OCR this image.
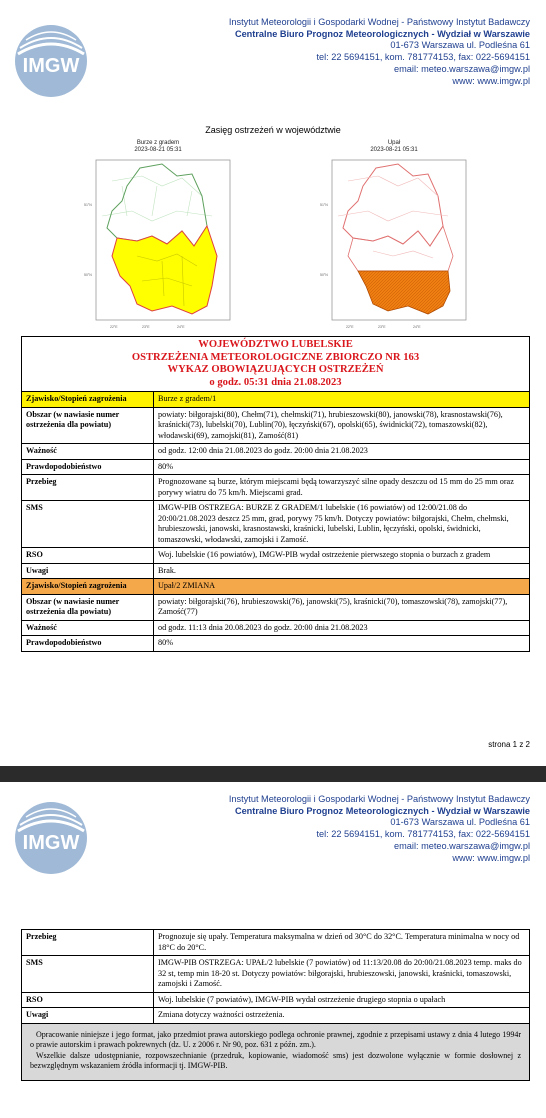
IMGW
Instytut Meteorologii i Gospodarki Wodnej - Państwowy Instytut Badawczy
Centralne Biuro Prognoz Meteorologicznych - Wydział w Warszawie
01-673 Warszawa ul. Podleśna 61
tel: 22 5694151, kom. 781774153, fax: 022-5694151
email: meteo.warszawa@imgw.pl
www: www.imgw.pl
Zasięg ostrzeżeń w województwie
Burze z gradem
2023-08-21 05:31
51°N
50°N
22°E	23°E	24°E
Upał
2023-08-21 05:31
51°N
50°N
22°E	23°E	24°E
WOJEWÓDZTWO LUBELSKIE
OSTRZEŻENIA METEOROLOGICZNE ZBIORCZO NR 163
WYKAZ OBOWIĄZUJĄCYCH OSTRZEŻEŃ
o godz. 05:31 dnia 21.08.2023	

Zjawisko/Stopień zagrożenia	Burze z gradem/1
Obszar (w nawiasie numer ostrzeżenia dla powiatu)	powiaty: biłgorajski(80), Chełm(71), chełmski(71), hrubieszowski(80), janowski(78), krasnostawski(76), kraśnicki(73), lubelski(70), Lublin(70), łęczyński(67), opolski(65), świdnicki(72), tomaszowski(82), włodawski(69), zamojski(81), Zamość(81)
Ważność	od godz. 12:00 dnia 21.08.2023 do godz. 20:00 dnia 21.08.2023
Prawdopodobieństwo	80%
Przebieg	Prognozowane są burze, którym miejscami będą towarzyszyć silne opady deszczu od 15 mm do 25 mm oraz porywy wiatru do 75 km/h. Miejscami grad.
SMS	IMGW-PIB OSTRZEGA: BURZE Z GRADEM/1 lubelskie (16 powiatów) od 12:00/21.08 do 20:00/21.08.2023 deszcz 25 mm, grad, porywy 75 km/h. Dotyczy powiatów: biłgorajski, Chełm, chełmski, hrubieszowski, janowski, krasnostawski, kraśnicki, lubelski, Lublin, łęczyński, opolski, świdnicki, tomaszowski, włodawski, zamojski i Zamość.
RSO	Woj. lubelskie (16 powiatów), IMGW-PIB wydał ostrzeżenie pierwszego stopnia o burzach z gradem
Uwagi	Brak.
Zjawisko/Stopień zagrożenia	Upał/2 ZMIANA
Obszar (w nawiasie numer ostrzeżenia dla powiatu)	powiaty: biłgorajski(76), hrubieszowski(76), janowski(75), kraśnicki(70), tomaszowski(78), zamojski(77), Zamość(77)
Ważność	od godz. 11:13 dnia 20.08.2023 do godz. 20:00 dnia 21.08.2023
Prawdopodobieństwo	80%
strona 1 z 2
IMGW
Instytut Meteorologii i Gospodarki Wodnej - Państwowy Instytut Badawczy
Centralne Biuro Prognoz Meteorologicznych - Wydział w Warszawie
01-673 Warszawa ul. Podleśna 61
tel: 22 5694151, kom. 781774153, fax: 022-5694151
email: meteo.warszawa@imgw.pl
www: www.imgw.pl
Przebieg	Prognozuje się upały. Temperatura maksymalna w dzień od 30°C do 32°C. Temperatura minimalna w nocy od 18°C do 20°C.
SMS	IMGW-PIB OSTRZEGA: UPAŁ/2 lubelskie (7 powiatów) od 11:13/20.08 do 20:00/21.08.2023 temp. maks do 32 st, temp min 18-20 st. Dotyczy powiatów: biłgorajski, hrubieszowski, janowski, kraśnicki, tomaszowski, zamojski i Zamość.
RSO	Woj. lubelskie (7 powiatów), IMGW-PIB wydał ostrzeżenie drugiego stopnia o upałach
Uwagi	Zmiana dotyczy ważności ostrzeżenia.

Opracowanie niniejsze i jego format, jako przedmiot prawa autorskiego podlega ochronie prawnej, zgodnie z przepisami ustawy z dnia 4 lutego 1994r o prawie autorskim i prawach pokrewnych (dz. U. z 2006 r. Nr 90, poz. 631 z późn. zm.).
Wszelkie dalsze udostępnianie, rozpowszechnianie (przedruk, kopiowanie, wiadomość sms) jest dozwolone wyłącznie w formie dosłownej z bezwzględnym wskazaniem źródła informacji tj. IMGW-PIB.	
